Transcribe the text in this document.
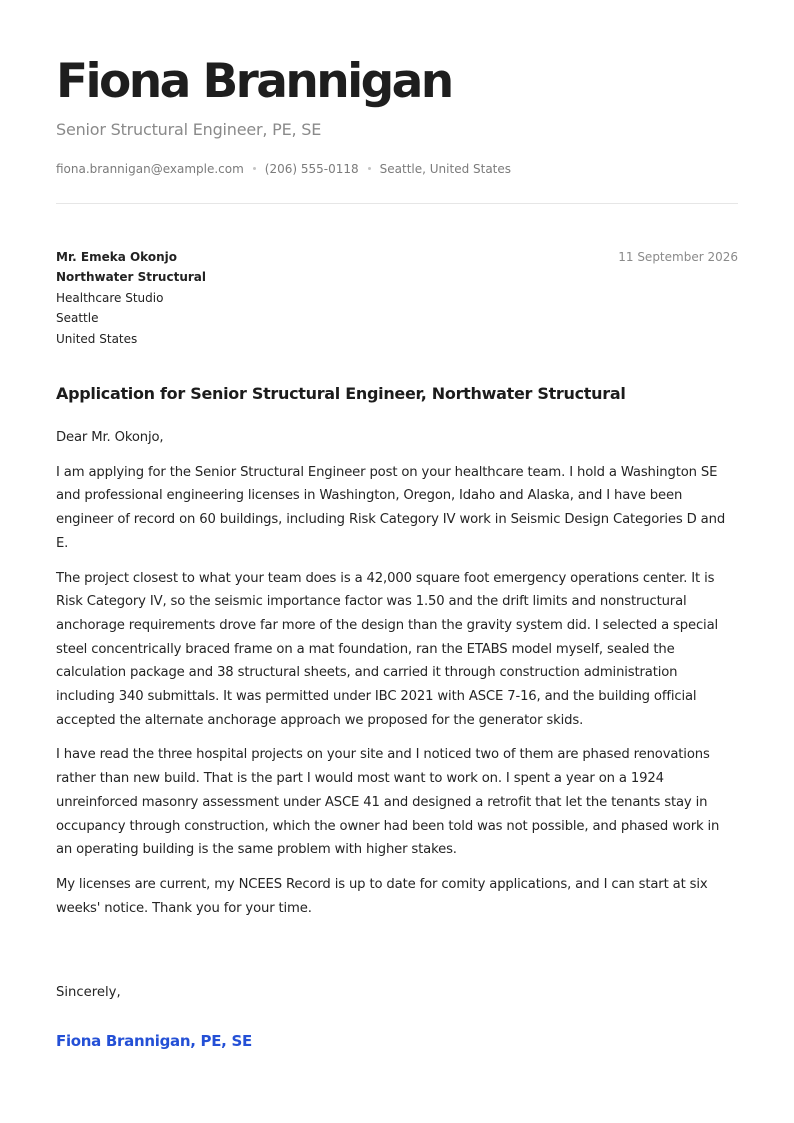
Fiona Brannigan
Senior Structural Engineer, PE, SE
fiona.brannigan@example.com (206) 555-0118 Seattle, United States
Mr. Emeka Okonjo
Northwater Structural
Healthcare Studio
Seattle
United States
11 September 2026
Application for Senior Structural Engineer, Northwater Structural

Dear Mr. Okonjo,

I am applying for the Senior Structural Engineer post on your healthcare team. I hold a Washington SE and professional engineering licenses in Washington, Oregon, Idaho and Alaska, and I have been engineer of record on 60 buildings, including Risk Category IV work in Seismic Design Categories D and E.

The project closest to what your team does is a 42,000 square foot emergency operations center. It is Risk Category IV, so the seismic importance factor was 1.50 and the drift limits and nonstructural anchorage requirements drove far more of the design than the gravity system did. I selected a special steel concentrically braced frame on a mat foundation, ran the ETABS model myself, sealed the calculation package and 38 structural sheets, and carried it through construction administration including 340 submittals. It was permitted under IBC 2021 with ASCE 7-16, and the building official accepted the alternate anchorage approach we proposed for the generator skids.

I have read the three hospital projects on your site and I noticed two of them are phased renovations rather than new build. That is the part I would most want to work on. I spent a year on a 1924 unreinforced masonry assessment under ASCE 41 and designed a retrofit that let the tenants stay in occupancy through construction, which the owner had been told was not possible, and phased work in an operating building is the same problem with higher stakes.

My licenses are current, my NCEES Record is up to date for comity applications, and I can start at six weeks' notice. Thank you for your time.

Sincerely,
Fiona Brannigan, PE, SE
